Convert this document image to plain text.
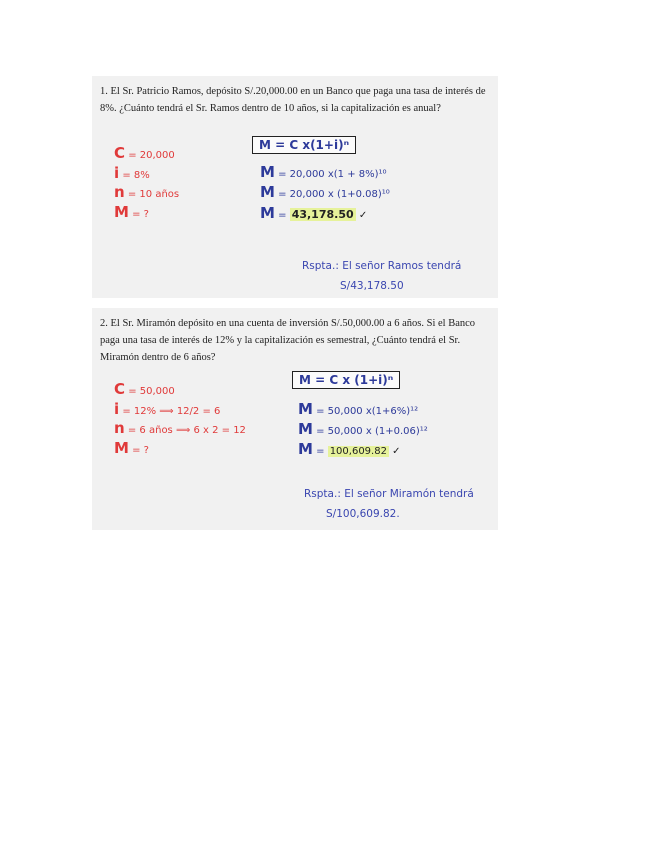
1. El Sr. Patricio Ramos, depósito S/.20,000.00 en un Banco que paga una tasa de interés de 8%. ¿Cuánto tendrá el Sr. Ramos dentro de 10 años, si la capitalización es anual?
M = C x(1+i)ⁿ
C = 20,000
i = 8%
n = 10 años
M = ?
M = 20,000 x(1 + 8%)¹⁰
M = 20,000 x (1+0.08)¹⁰
M = 43,178.50 ✓
Rspta.: El señor Ramos tendrá
S/43,178.50
2. El Sr. Miramón depósito en una cuenta de inversión S/.50,000.00 a 6 años. Si el Banco paga una tasa de interés de 12% y la capitalización es semestral, ¿Cuánto tendrá el Sr. Miramón dentro de 6 años?
M = C x (1+i)ⁿ
C = 50,000
i = 12% ⟹ 12/2 = 6
n = 6 años ⟹ 6 x 2 = 12
M = ?
M = 50,000 x(1+6%)¹²
M = 50,000 x (1+0.06)¹²
M = 100,609.82 ✓
Rspta.: El señor Miramón tendrá
S/100,609.82.
